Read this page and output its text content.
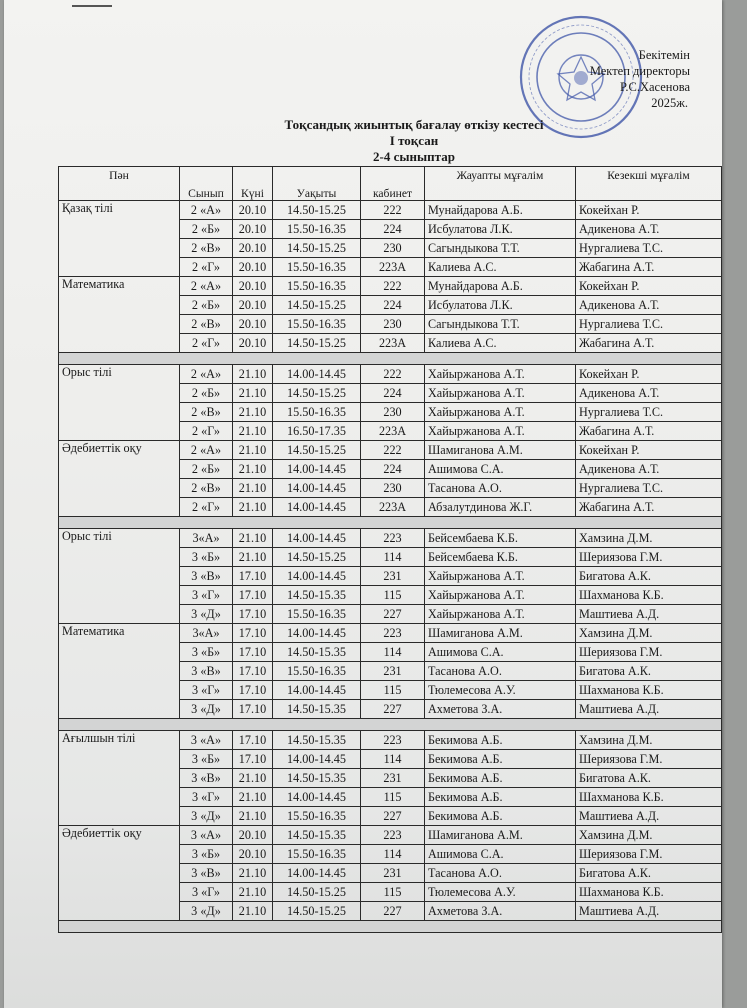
Бекітемін
Мектеп директоры
Р.С.Хасенова
2025ж.
Тоқсандық жиынтық бағалау өткізу кестесі
І тоқсан
2-4 сыныптар
Пән	Сынып	Күні	Уақыты	кабинет	Жауапты мұғалім	Кезекші мұғалім
Қазақ тілі	2 «А»	20.10	14.50-15.25	222	Мунайдарова А.Б.	Кокейхан Р.
	2 «Б»	20.10	15.50-16.35	224	Исбулатова Л.К.	Адикенова А.Т.
	2 «В»	20.10	14.50-15.25	230	Сагындыкова Т.Т.	Нургалиева Т.С.
	2 «Г»	20.10	15.50-16.35	223А	Калиева А.С.	Жабагина А.Т.
Математика	2 «А»	20.10	15.50-16.35	222	Мунайдарова А.Б.	Кокейхан Р.
	2 «Б»	20.10	14.50-15.25	224	Исбулатова Л.К.	Адикенова А.Т.
	2 «В»	20.10	15.50-16.35	230	Сагындыкова Т.Т.	Нургалиева Т.С.
	2 «Г»	20.10	14.50-15.25	223А	Калиева А.С.	Жабагина А.Т.

Орыс тілі	2 «А»	21.10	14.00-14.45	222	Хайыржанова А.Т.	Кокейхан Р.
	2 «Б»	21.10	14.50-15.25	224	Хайыржанова А.Т.	Адикенова А.Т.
	2 «В»	21.10	15.50-16.35	230	Хайыржанова А.Т.	Нургалиева Т.С.
	2 «Г»	21.10	16.50-17.35	223А	Хайыржанова А.Т.	Жабагина А.Т.
Әдебиеттік оқу	2 «А»	21.10	14.50-15.25	222	Шамиганова А.М.	Кокейхан Р.
	2 «Б»	21.10	14.00-14.45	224	Ашимова С.А.	Адикенова А.Т.
	2 «В»	21.10	14.00-14.45	230	Тасанова А.О.	Нургалиева Т.С.
	2 «Г»	21.10	14.00-14.45	223А	Абзалутдинова Ж.Г.	Жабагина А.Т.

Орыс тілі	3«А»	21.10	14.00-14.45	223	Бейсембаева К.Б.	Хамзина Д.М.
	3 «Б»	21.10	14.50-15.25	114	Бейсембаева К.Б.	Шериязова Г.М.
	3 «В»	17.10	14.00-14.45	231	Хайыржанова А.Т.	Бигатова А.К.
	3 «Г»	17.10	14.50-15.35	115	Хайыржанова А.Т.	Шахманова К.Б.
	3 «Д»	17.10	15.50-16.35	227	Хайыржанова А.Т.	Маштиева А.Д.
Математика	3«А»	17.10	14.00-14.45	223	Шамиганова А.М.	Хамзина Д.М.
	3 «Б»	17.10	14.50-15.35	114	Ашимова С.А.	Шериязова Г.М.
	3 «В»	17.10	15.50-16.35	231	Тасанова А.О.	Бигатова А.К.
	3 «Г»	17.10	14.00-14.45	115	Тюлемесова А.У.	Шахманова К.Б.
	3 «Д»	17.10	14.50-15.35	227	Ахметова З.А.	Маштиева А.Д.

Ағылшын тілі	3 «А»	17.10	14.50-15.35	223	Бекимова А.Б.	Хамзина Д.М.
	3 «Б»	17.10	14.00-14.45	114	Бекимова А.Б.	Шериязова Г.М.
	3 «В»	21.10	14.50-15.35	231	Бекимова А.Б.	Бигатова А.К.
	3 «Г»	21.10	14.00-14.45	115	Бекимова А.Б.	Шахманова К.Б.
	3 «Д»	21.10	15.50-16.35	227	Бекимова А.Б.	Маштиева А.Д.
Әдебиеттік оқу	3 «А»	20.10	14.50-15.35	223	Шамиганова А.М.	Хамзина Д.М.
	3 «Б»	20.10	15.50-16.35	114	Ашимова С.А.	Шериязова Г.М.
	3 «В»	21.10	14.00-14.45	231	Тасанова А.О.	Бигатова А.К.
	3 «Г»	21.10	14.50-15.25	115	Тюлемесова А.У.	Шахманова К.Б.
	3 «Д»	21.10	14.50-15.25	227	Ахметова З.А.	Маштиева А.Д.
